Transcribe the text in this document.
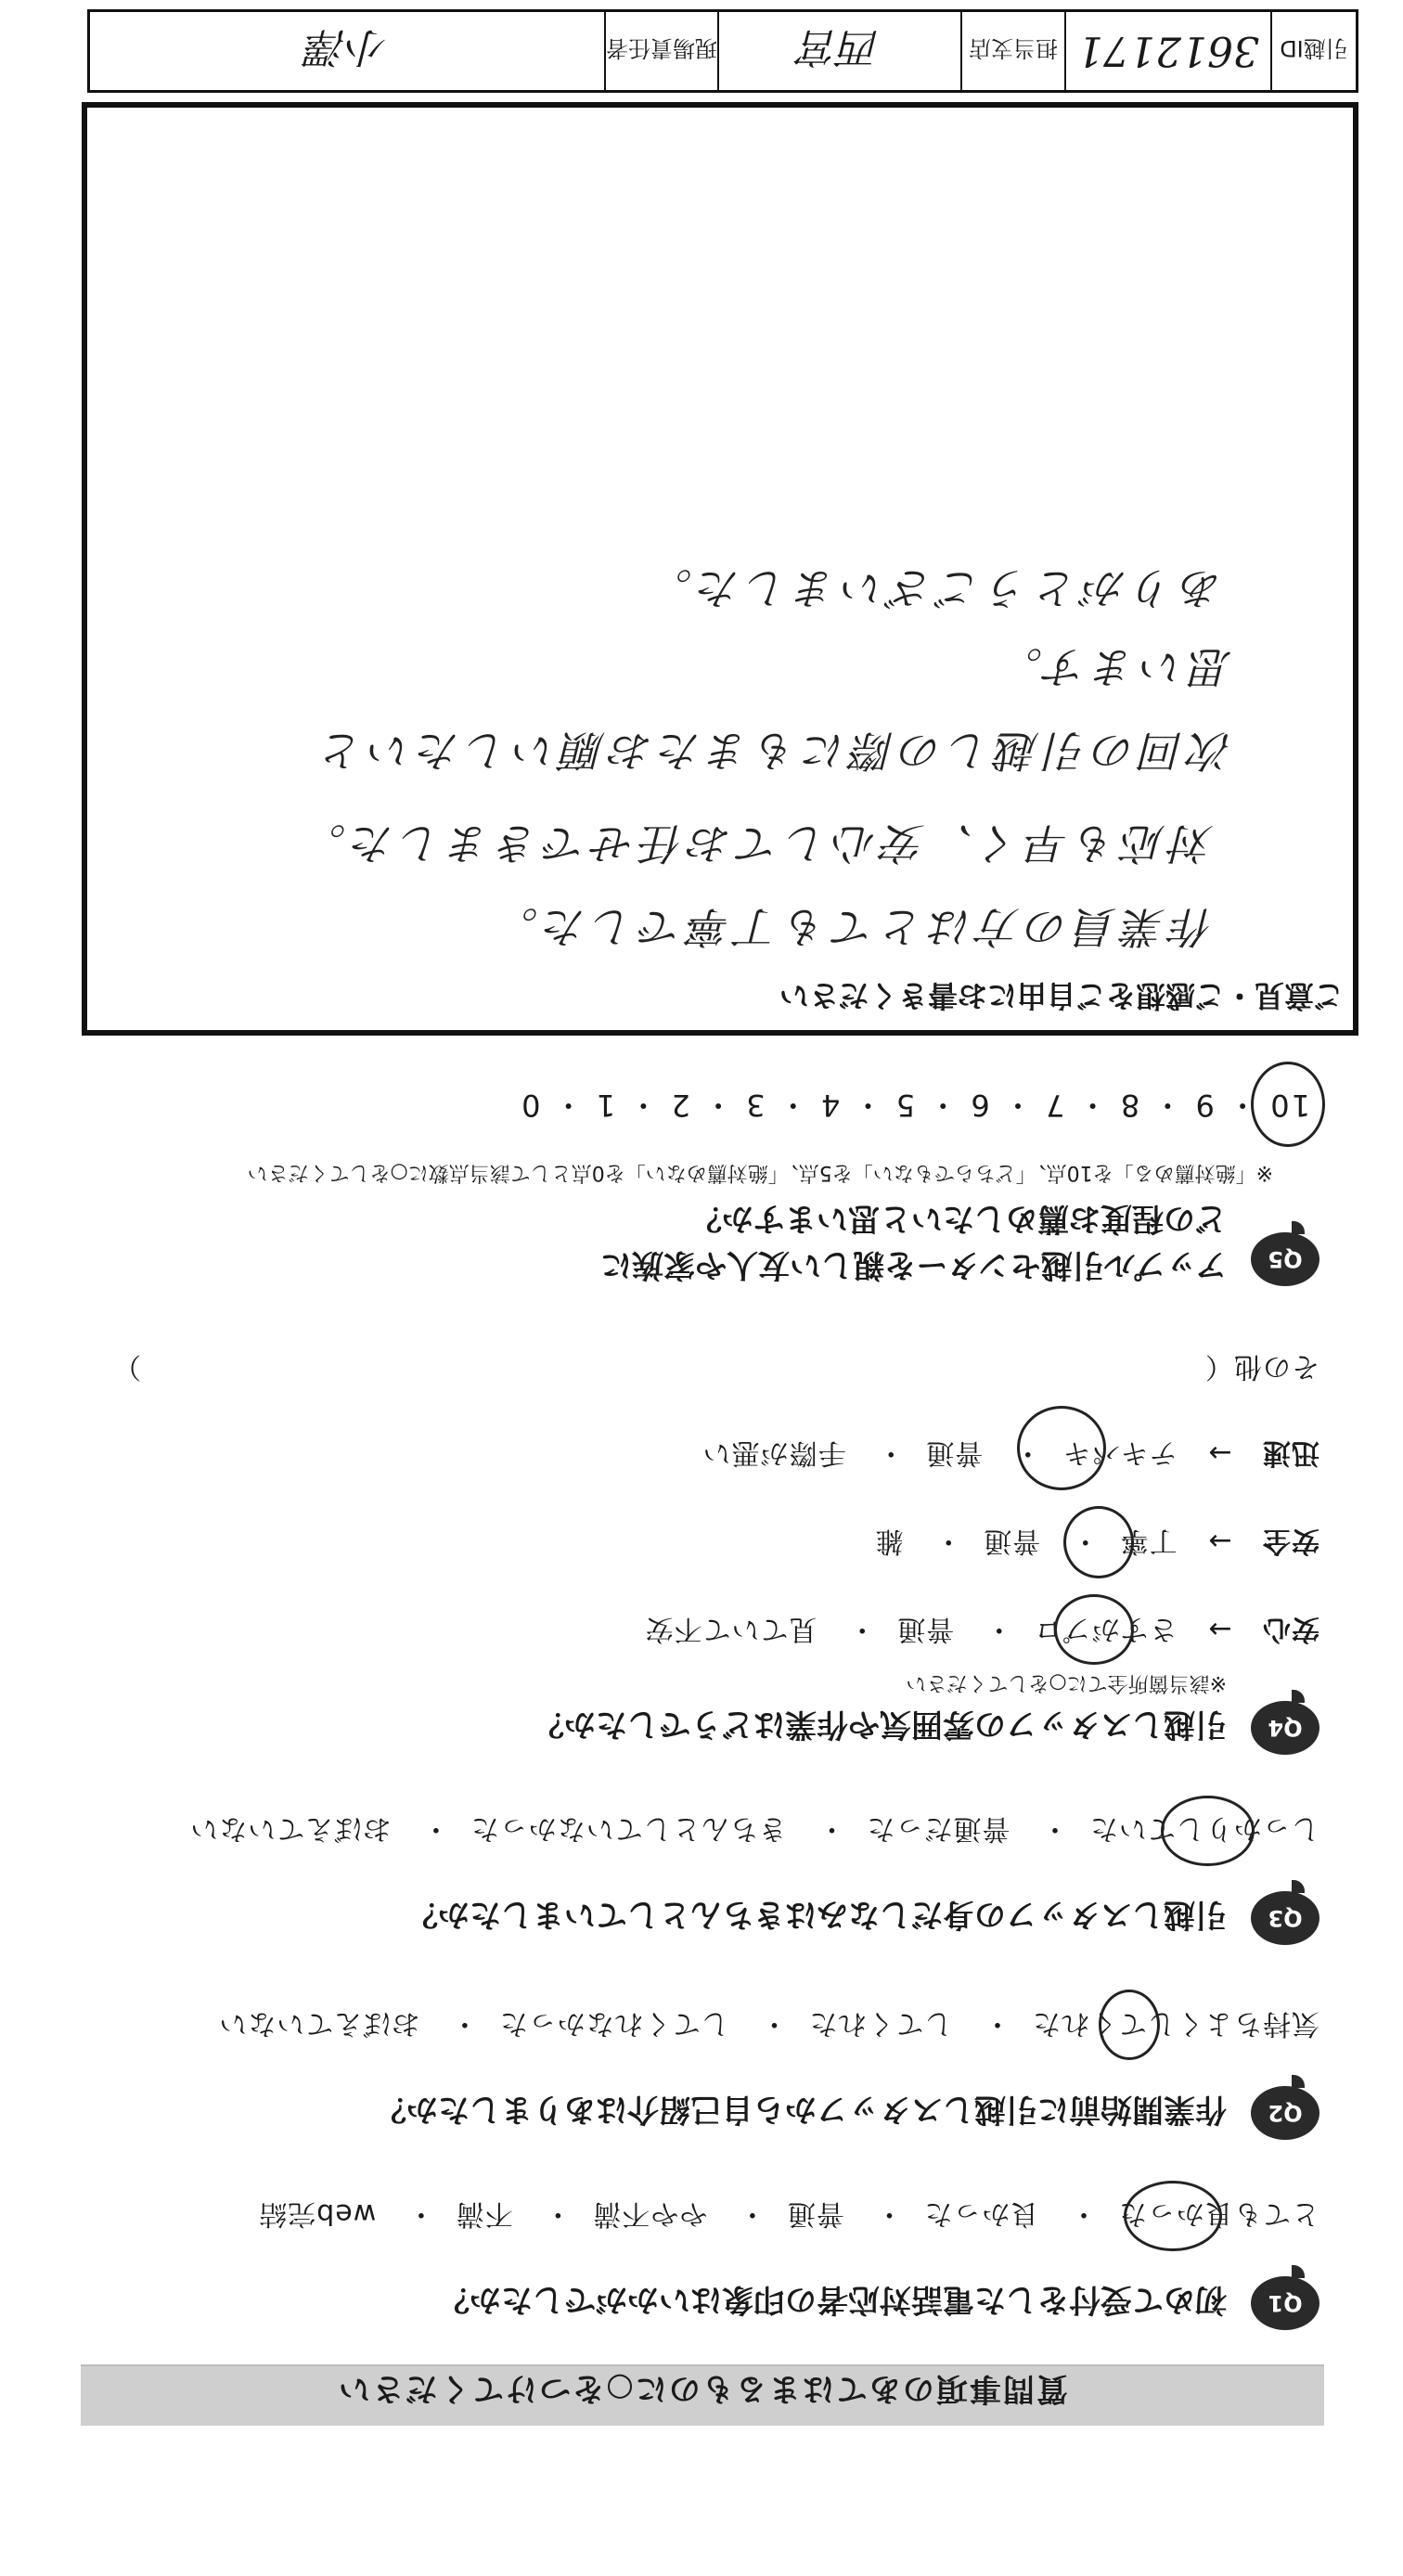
質問事項のあてはまるものに○をつけてください
Q1
初めて受付をした電話対応者の印象はいかがでしたか？
とても良かった・ 良かった・ 普通・ やや不満・ 不満・ web完結
Q2
作業開始前に引越しスタッフから自己紹介はありましたか？
気持ちよくしてくれた・ してくれた・ してくれなかった・ おぼえていない
Q3
引越しスタッフの身だしなみはきちんとしていましたか？
しっかりしていた・ 普通だった・ きちんとしていなかった・ おぼえていない
Q4
引越しスタッフの雰囲気や作業はどうでしたか？
※該当箇所全てに○をしてください
安心 → さすがプロ・ 普通・ 見ていて不安
安全 → 丁寧・ 普通・ 雑
迅速 → テキパキ・ 普通・ 手際が悪い
その他（
）
Q5
アップル引越センターを親しい友人や家族に
どの程度お薦めしたいと思いますか？
※「絶対薦める」を10点、「どちらでもない」を5点、「絶対薦めない」を0点として該当点数に○をしてください
10 ・ 9 ・ 8 ・ 7 ・ 6 ・ 5 ・ 4 ・ 3 ・ 2 ・ 1 ・ 0
ご意見・ご感想をご自由にお書きください
作業員の方はとても丁寧でした。
対応も早く、安心してお任せできました。
次回の引越しの際にもまたお願いしたいと
思います。
ありがとうございました。
引越ID
3612171
担当支店
西宮
現場責任者
小澤
